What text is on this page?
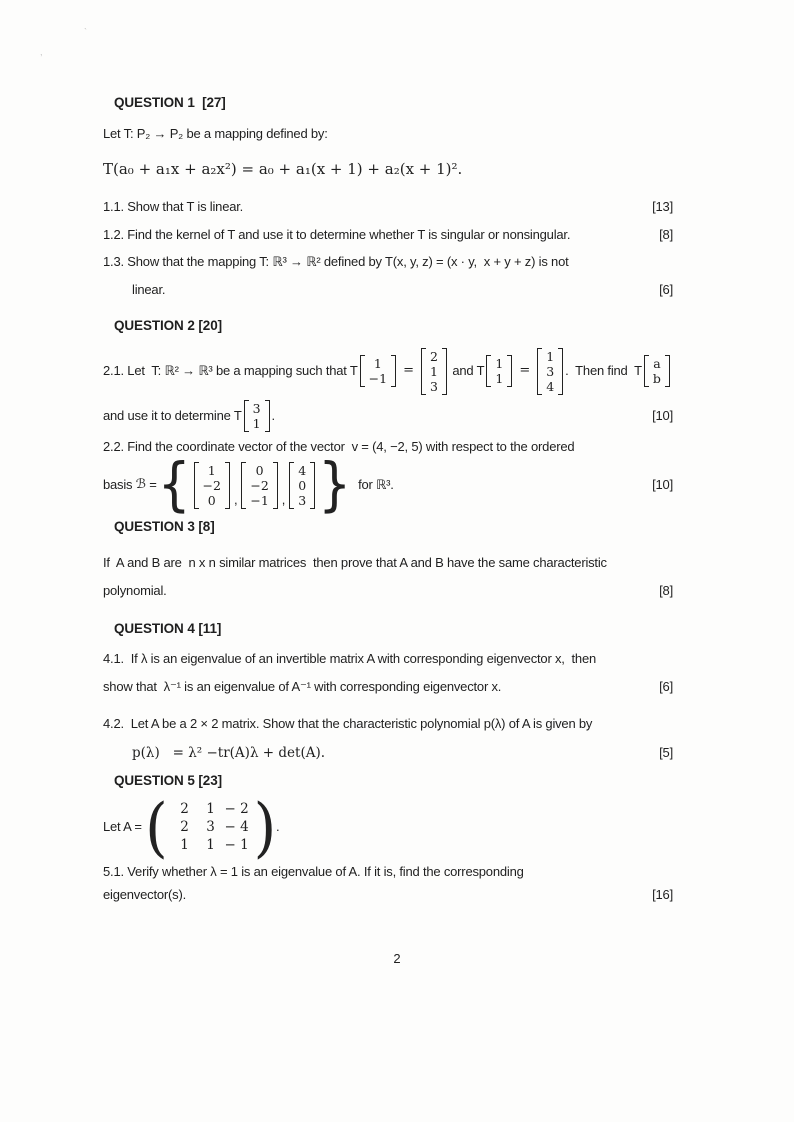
`
,
QUESTION 1  [27]
Let T: P₂ → P₂ be a mapping defined by:
T(a₀ + a₁x + a₂x²) = a₀ + a₁(x + 1) + a₂(x + 1)².
1.1. Show that T is linear.	[13]
1.2. Find the kernel of T and use it to determine whether T is singular or nonsingular.	[8]
1.3. Show that the mapping T: ℝ³ → ℝ² defined by T(x, y, z) = (x · y,  x + y + z) is not
linear.	[6]
QUESTION 2 [20]
2.1. Let  T: ℝ² → ℝ³ be a mapping such that T 1
−1
=
2
1
3
and T 1
1
=
1
3
4
.  Then find  T a
b
and use it to determine T 3
1
.	[10]
2.2. Find the coordinate vector of the vector  v = (4, −2, 5) with respect to the ordered
basis ℬ = { 1
−2
0 ,
0
−2
−1 ,
4
0
3 } for ℝ³.	[10]
QUESTION 3 [8]
If  A and B are  n x n similar matrices  then prove that A and B have the same characteristic
polynomial.	[8]
QUESTION 4 [11]
4.1.  If λ is an eigenvalue of an invertible matrix A with corresponding eigenvector x,  then
show that  λ⁻¹ is an eigenvalue of A⁻¹ with corresponding eigenvector x.	[6]
4.2.  Let A be a 2 × 2 matrix. Show that the characteristic polynomial p(λ) of A is given by
p(λ)   = λ² −tr(A)λ + det(A).	[5]
QUESTION 5 [23]
Let A = ( 2	1 − 2
2	3 − 4
1	1 − 1 ) .
5.1. Verify whether λ = 1 is an eigenvalue of A. If it is, find the corresponding
eigenvector(s).	[16]
2
